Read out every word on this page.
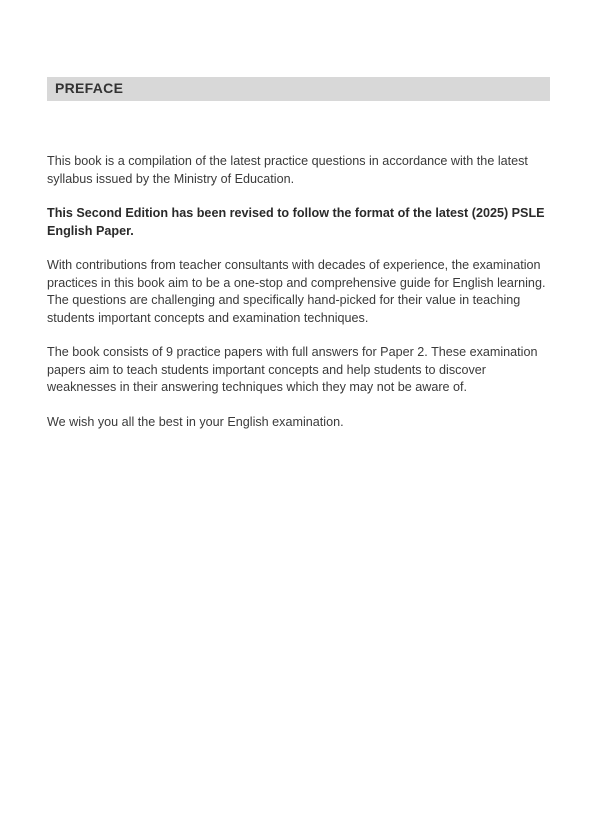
PREFACE

This book is a compilation of the latest practice questions in accordance with the latest
syllabus issued by the Ministry of Education.

This Second Edition has been revised to follow the format of the latest (2025) PSLE
English Paper.

With contributions from teacher consultants with decades of experience, the examination
practices in this book aim to be a one-stop and comprehensive guide for English learning.
The questions are challenging and specifically hand-picked for their value in teaching
students important concepts and examination techniques.

The book consists of 9 practice papers with full answers for Paper 2. These examination
papers aim to teach students important concepts and help students to discover
weaknesses in their answering techniques which they may not be aware of.

We wish you all the best in your English examination.
